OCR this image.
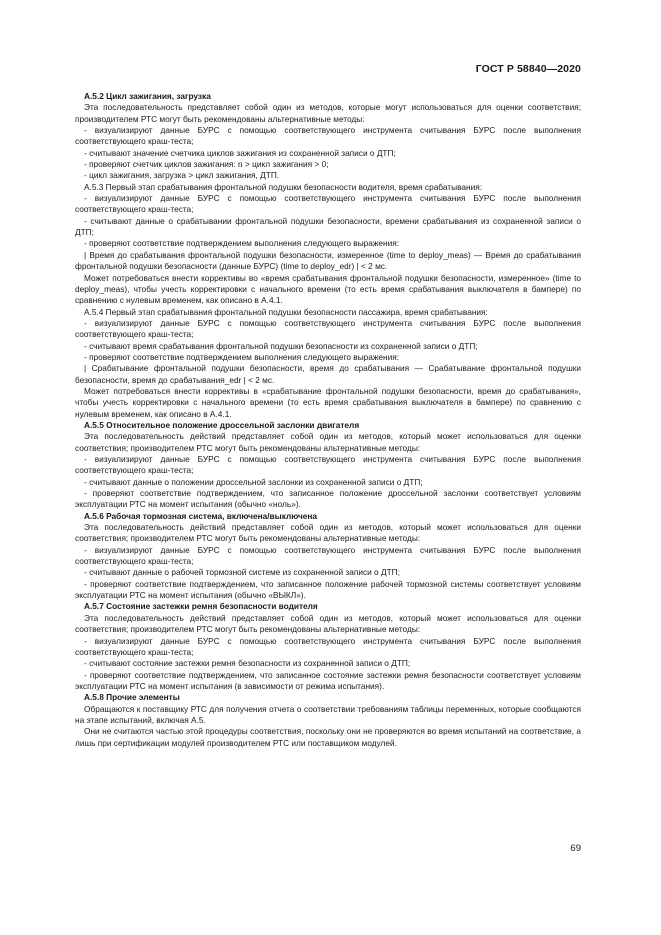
ГОСТ Р 58840—2020

А.5.2 Цикл зажигания, загрузка

Эта последовательность представляет собой один из методов, которые могут использоваться для оценки соответствия; производителем РТС могут быть рекомендованы альтернативные методы:

- визуализируют данные БУРС с помощью соответствующего инструмента считывания БУРС после выполнения соответствующего краш-теста;

- считывают значение счетчика циклов зажигания из сохраненной записи о ДТП;

- проверяют счетчик циклов зажигания: n > цикл зажигания > 0;

- цикл зажигания, загрузка > цикл зажигания, ДТП.

А.5.3 Первый этап срабатывания фронтальной подушки безопасности водителя, время срабатывания:

- визуализируют данные БУРС с помощью соответствующего инструмента считывания БУРС после выполнения соответствующего краш-теста;

- считывают данные о срабатывании фронтальной подушки безопасности, времени срабатывания из сохраненной записи о ДТП;

- проверяют соответствие подтверждением выполнения следующего выражения:

| Время до срабатывания фронтальной подушки безопасности, измеренное (time to deploy_meas) — Время до срабатывания фронтальной подушки безопасности (данные БУРС) (time to deploy_edr) | < 2 мс.

Может потребоваться внести коррективы во «время срабатывания фронтальной подушки безопасности, измеренное» (time to deploy_meas), чтобы учесть корректировки с начального времени (то есть время срабатывания выключателя в бампере) по сравнению с нулевым временем, как описано в А.4.1.

А.5.4 Первый этап срабатывания фронтальной подушки безопасности пассажира, время срабатывания:

- визуализируют данные БУРС с помощью соответствующего инструмента считывания БУРС после выполнения соответствующего краш-теста;

- считывают время срабатывания фронтальной подушки безопасности из сохраненной записи о ДТП;

- проверяют соответствие подтверждением выполнения следующего выражения:

| Срабатывание фронтальной подушки безопасности, время до срабатывания — Срабатывание фронтальной подушки безопасности, время до срабатывания_edr | < 2 мс.

Может потребоваться внести коррективы в «срабатывание фронтальной подушки безопасности, время до срабатывания», чтобы учесть корректировки с начального времени (то есть время срабатывания выключателя в бампере) по сравнению с нулевым временем, как описано в А.4.1.

А.5.5 Относительное положение дроссельной заслонки двигателя

Эта последовательность действий представляет собой один из методов, который может использоваться для оценки соответствия; производителем РТС могут быть рекомендованы альтернативные методы:

- визуализируют данные БУРС с помощью соответствующего инструмента считывания БУРС после выполнения соответствующего краш-теста;

- считывают данные о положении дроссельной заслонки из сохраненной записи о ДТП;

- проверяют соответствие подтверждением, что записанное положение дроссельной заслонки соответствует условиям эксплуатации РТС на момент испытания (обычно «ноль»).

А.5.6 Рабочая тормозная система, включена/выключена

Эта последовательность действий представляет собой один из методов, который может использоваться для оценки соответствия; производителем РТС могут быть рекомендованы альтернативные методы:

- визуализируют данные БУРС с помощью соответствующего инструмента считывания БУРС после выполнения соответствующего краш-теста;

- считывают данные о рабочей тормозной системе из сохраненной записи о ДТП;

- проверяют соответствие подтверждением, что записанное положение рабочей тормозной системы соответствует условиям эксплуатации РТС на момент испытания (обычно «ВЫКЛ»).

А.5.7 Состояние застежки ремня безопасности водителя

Эта последовательность действий представляет собой один из методов, который может использоваться для оценки соответствия; производителем РТС могут быть рекомендованы альтернативные методы:

- визуализируют данные БУРС с помощью соответствующего инструмента считывания БУРС после выполнения соответствующего краш-теста;

- считывают состояние застежки ремня безопасности из сохраненной записи о ДТП;

- проверяют соответствие подтверждением, что записанное состояние застежки ремня безопасности соответствует условиям эксплуатации РТС на момент испытания (в зависимости от режима испытания).

А.5.8 Прочие элементы

Обращаются к поставщику РТС для получения отчета о соответствии требованиям таблицы переменных, которые сообщаются на этапе испытаний, включая А.5.

Они не считаются частью этой процедуры соответствия, поскольку они не проверяются во время испытаний на соответствие, а лишь при сертификации модулей производителем РТС или поставщиком модулей.

69
